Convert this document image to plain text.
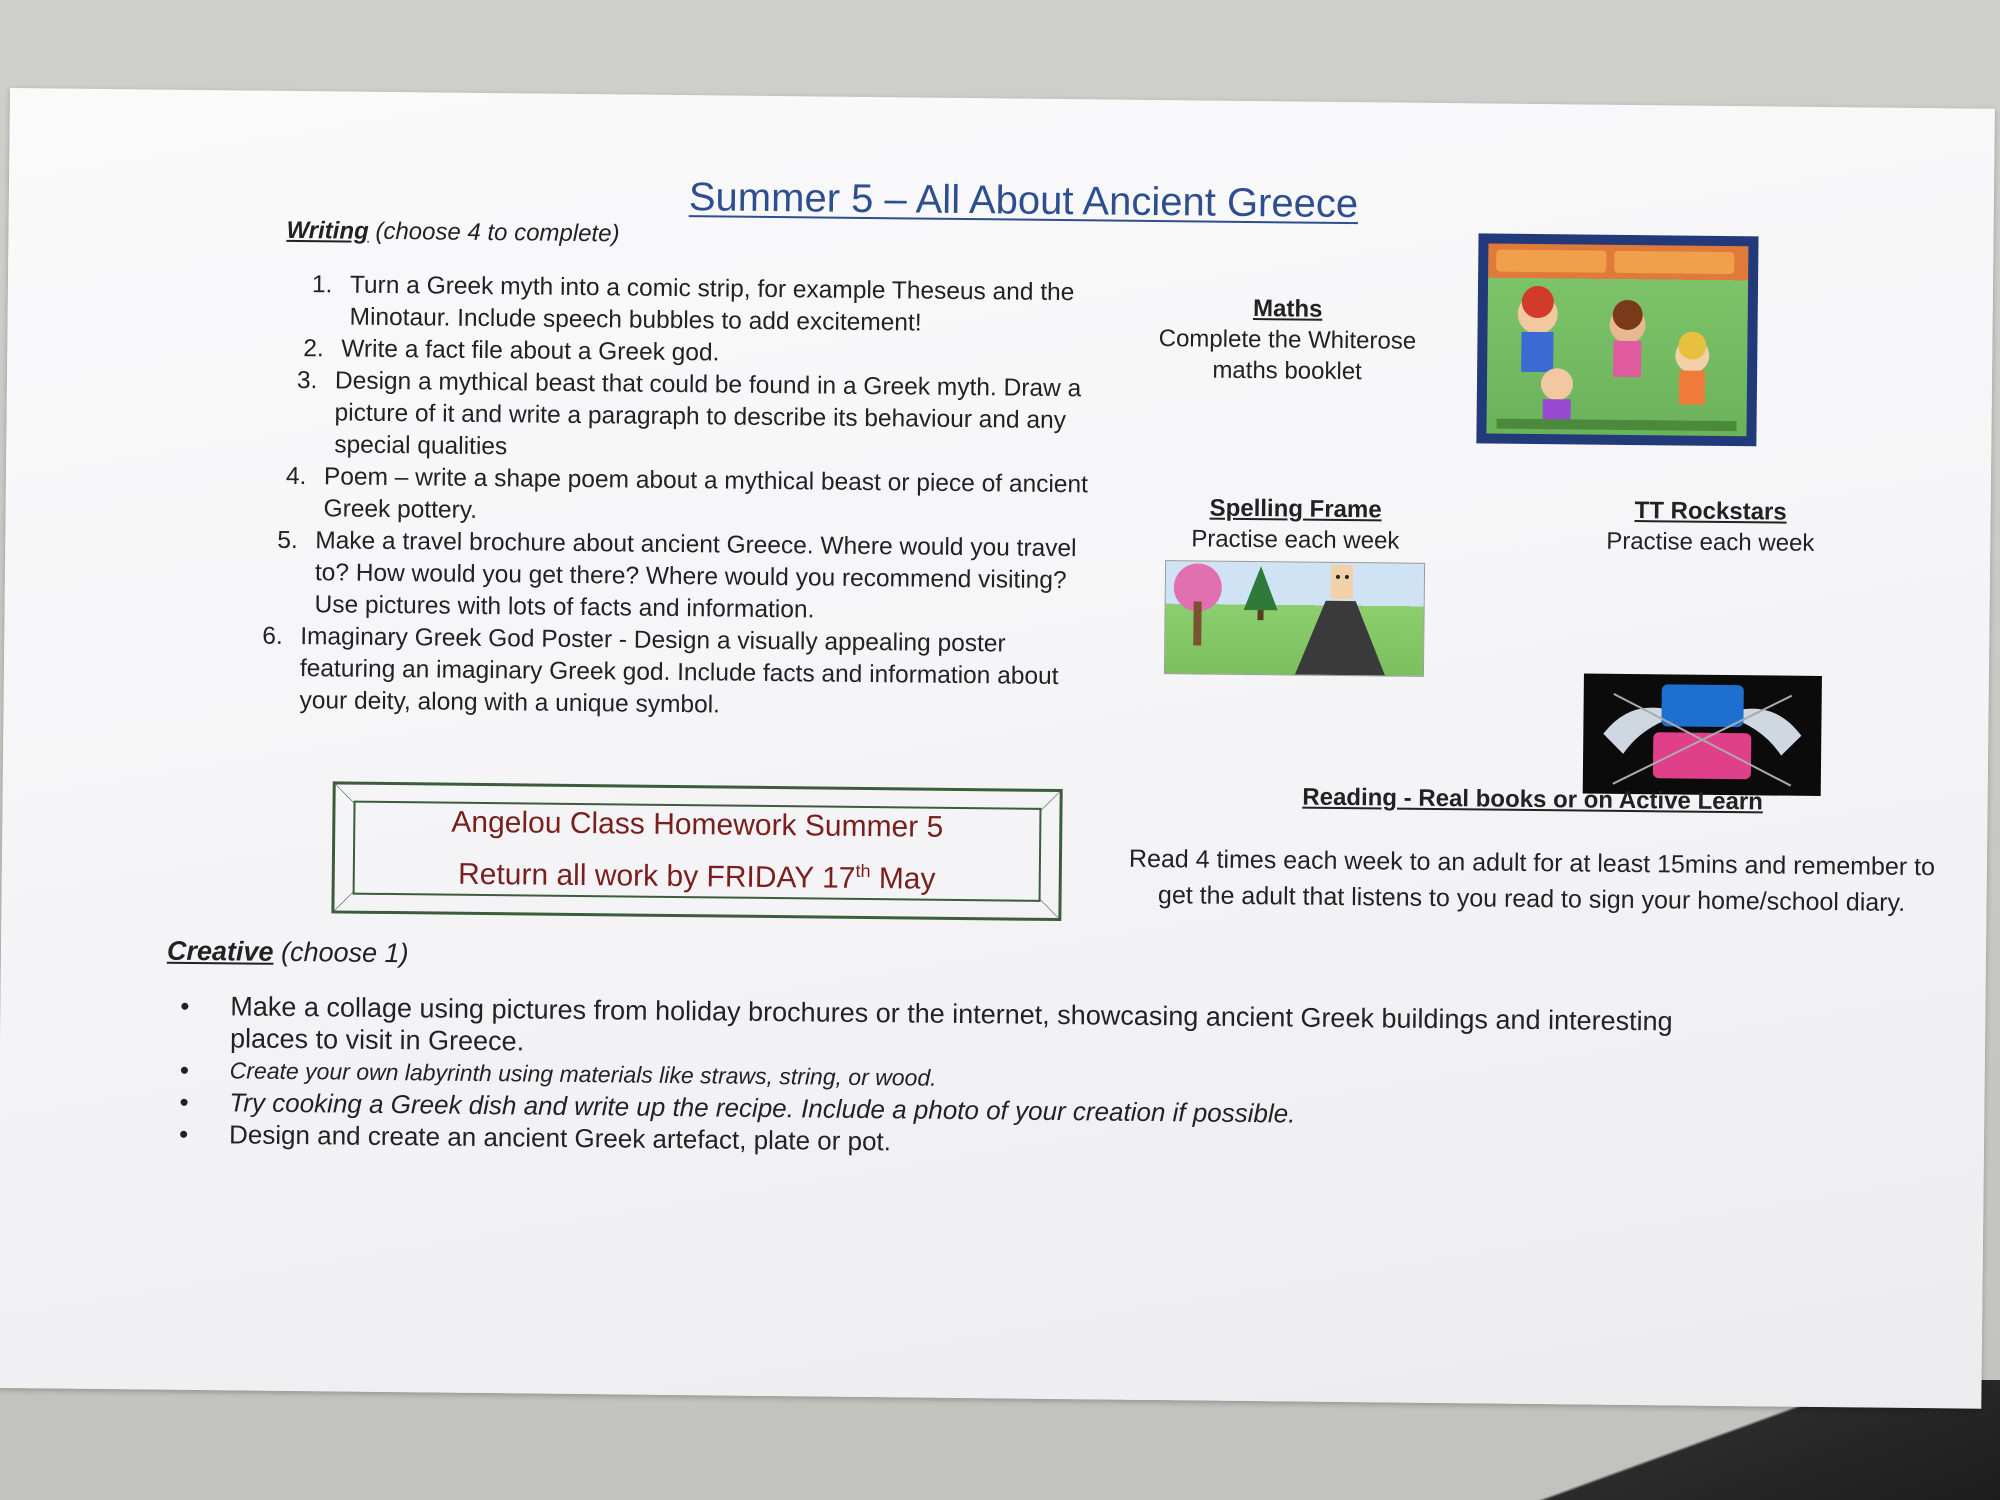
Summer 5 – All About Ancient Greece
Writing (choose 4 to complete)
1. Turn a Greek myth into a comic strip, for example Theseus and the Minotaur. Include speech bubbles to add excitement!
2. Write a fact file about a Greek god.
3. Design a mythical beast that could be found in a Greek myth. Draw a picture of it and write a paragraph to describe its behaviour and any special qualities
4. Poem – write a shape poem about a mythical beast or piece of ancient Greek pottery.
5. Make a travel brochure about ancient Greece. Where would you travel to? How would you get there? Where would you recommend visiting? Use pictures with lots of facts and information.
6. Imaginary Greek God Poster - Design a visually appealing poster featuring an imaginary Greek god. Include facts and information about your deity, along with a unique symbol.
Angelou Class Homework Summer 5
Return all work by FRIDAY 17th May
Maths
Complete the Whiterose
maths booklet
Spelling Frame
Practise each week
TT Rockstars
Practise each week
Reading - Real books or on Active Learn
Read 4 times each week to an adult for at least 15mins and remember to get the adult that listens to you read to sign your home/school diary.
Creative (choose 1)
• Make a collage using pictures from holiday brochures or the internet, showcasing ancient Greek buildings and interesting places to visit in Greece.
• Create your own labyrinth using materials like straws, string, or wood.
• Try cooking a Greek dish and write up the recipe. Include a photo of your creation if possible.
• Design and create an ancient Greek artefact, plate or pot.
